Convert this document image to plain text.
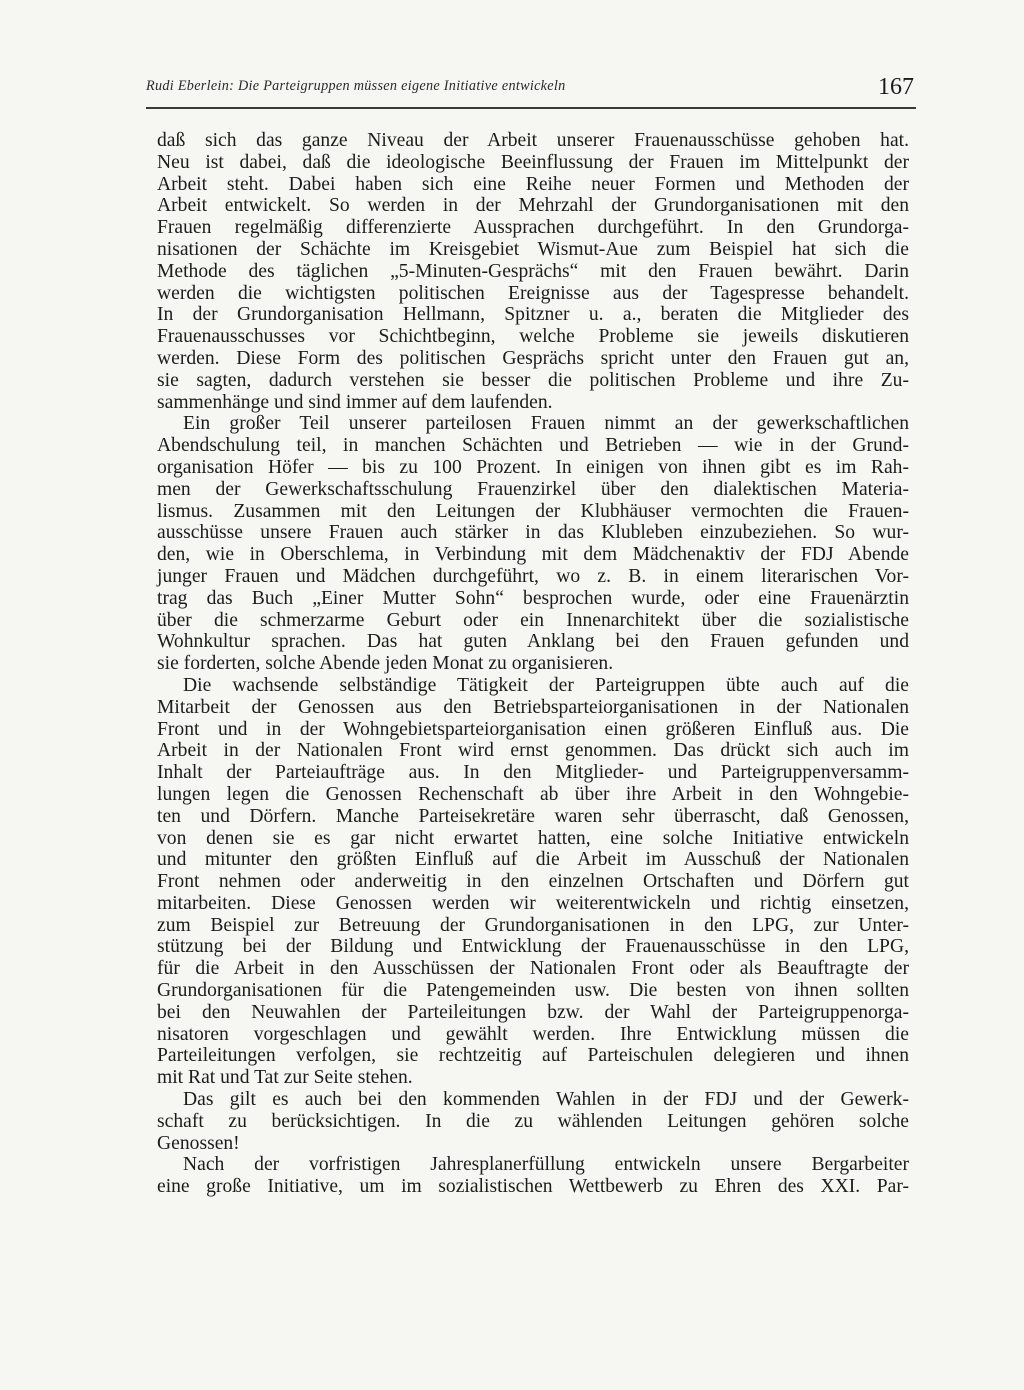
Rudi Eberlein: Die Parteigruppen müssen eigene Initiative entwickeln	167
daß sich das ganze Niveau der Arbeit unserer Frauenausschüsse gehoben hat.
Neu ist dabei, daß die ideologische Beeinflussung der Frauen im Mittelpunkt der
Arbeit steht. Dabei haben sich eine Reihe neuer Formen und Methoden der
Arbeit entwickelt. So werden in der Mehrzahl der Grundorganisationen mit den
Frauen regelmäßig differenzierte Aussprachen durchgeführt. In den Grundorga-
nisationen der Schächte im Kreisgebiet Wismut-Aue zum Beispiel hat sich die
Methode des täglichen „5-Minuten-Gesprächs“ mit den Frauen bewährt. Darin
werden die wichtigsten politischen Ereignisse aus der Tagespresse behandelt.
In der Grundorganisation Hellmann, Spitzner u. a., beraten die Mitglieder des
Frauenausschusses vor Schichtbeginn, welche Probleme sie jeweils diskutieren
werden. Diese Form des politischen Gesprächs spricht unter den Frauen gut an,
sie sagten, dadurch verstehen sie besser die politischen Probleme und ihre Zu-
sammenhänge und sind immer auf dem laufenden.
Ein großer Teil unserer parteilosen Frauen nimmt an der gewerkschaftlichen
Abendschulung teil, in manchen Schächten und Betrieben — wie in der Grund-
organisation Höfer — bis zu 100 Prozent. In einigen von ihnen gibt es im Rah-
men der Gewerkschaftsschulung Frauenzirkel über den dialektischen Materia-
lismus. Zusammen mit den Leitungen der Klubhäuser vermochten die Frauen-
ausschüsse unsere Frauen auch stärker in das Klubleben einzubeziehen. So wur-
den, wie in Oberschlema, in Verbindung mit dem Mädchenaktiv der FDJ Abende
junger Frauen und Mädchen durchgeführt, wo z. B. in einem literarischen Vor-
trag das Buch „Einer Mutter Sohn“ besprochen wurde, oder eine Frauenärztin
über die schmerzarme Geburt oder ein Innenarchitekt über die sozialistische
Wohnkultur sprachen. Das hat guten Anklang bei den Frauen gefunden und
sie forderten, solche Abende jeden Monat zu organisieren.
Die wachsende selbständige Tätigkeit der Parteigruppen übte auch auf die
Mitarbeit der Genossen aus den Betriebsparteiorganisationen in der Nationalen
Front und in der Wohngebietsparteiorganisation einen größeren Einfluß aus. Die
Arbeit in der Nationalen Front wird ernst genommen. Das drückt sich auch im
Inhalt der Parteiaufträge aus. In den Mitglieder- und Parteigruppenversamm-
lungen legen die Genossen Rechenschaft ab über ihre Arbeit in den Wohngebie-
ten und Dörfern. Manche Parteisekretäre waren sehr überrascht, daß Genossen,
von denen sie es gar nicht erwartet hatten, eine solche Initiative entwickeln
und mitunter den größten Einfluß auf die Arbeit im Ausschuß der Nationalen
Front nehmen oder anderweitig in den einzelnen Ortschaften und Dörfern gut
mitarbeiten. Diese Genossen werden wir weiterentwickeln und richtig einsetzen,
zum Beispiel zur Betreuung der Grundorganisationen in den LPG, zur Unter-
stützung bei der Bildung und Entwicklung der Frauenausschüsse in den LPG,
für die Arbeit in den Ausschüssen der Nationalen Front oder als Beauftragte der
Grundorganisationen für die Patengemeinden usw. Die besten von ihnen sollten
bei den Neuwahlen der Parteileitungen bzw. der Wahl der Parteigruppenorga-
nisatoren vorgeschlagen und gewählt werden. Ihre Entwicklung müssen die
Parteileitungen verfolgen, sie rechtzeitig auf Parteischulen delegieren und ihnen
mit Rat und Tat zur Seite stehen.
Das gilt es auch bei den kommenden Wahlen in der FDJ und der Gewerk-
schaft zu berücksichtigen. In die zu wählenden Leitungen gehören solche
Genossen!
Nach der vorfristigen Jahresplanerfüllung entwickeln unsere Bergarbeiter
eine große Initiative, um im sozialistischen Wettbewerb zu Ehren des XXI. Par-
